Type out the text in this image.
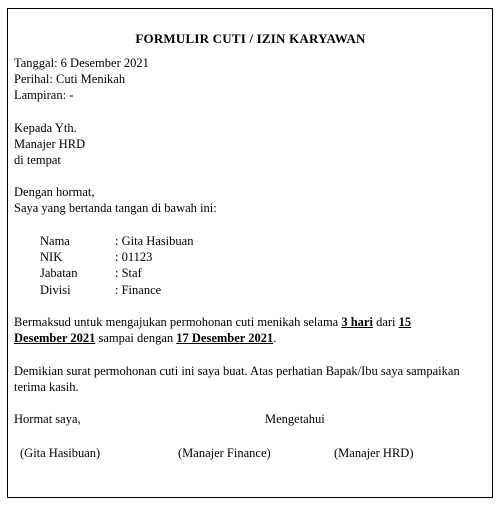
FORMULIR CUTI / IZIN KARYAWAN
Tanggal: 6 Desember 2021
Perihal: Cuti Menikah
Lampiran: -
Kepada Yth.
Manajer HRD
di tempat
Dengan hormat,
Saya yang bertanda tangan di bawah ini:
Nama	: Gita Hasibuan
NIK	: 01123
Jabatan	: Staf
Divisi	: Finance
Bermaksud untuk mengajukan permohonan cuti menikah selama 3 hari dari 15
Desember 2021 sampai dengan 17 Desember 2021.
Demikian surat permohonan cuti ini saya buat. Atas perhatian Bapak/Ibu saya sampaikan terima kasih.
Hormat saya,	Mengetahui
(Gita Hasibuan)	(Manajer Finance)	(Manajer HRD)
